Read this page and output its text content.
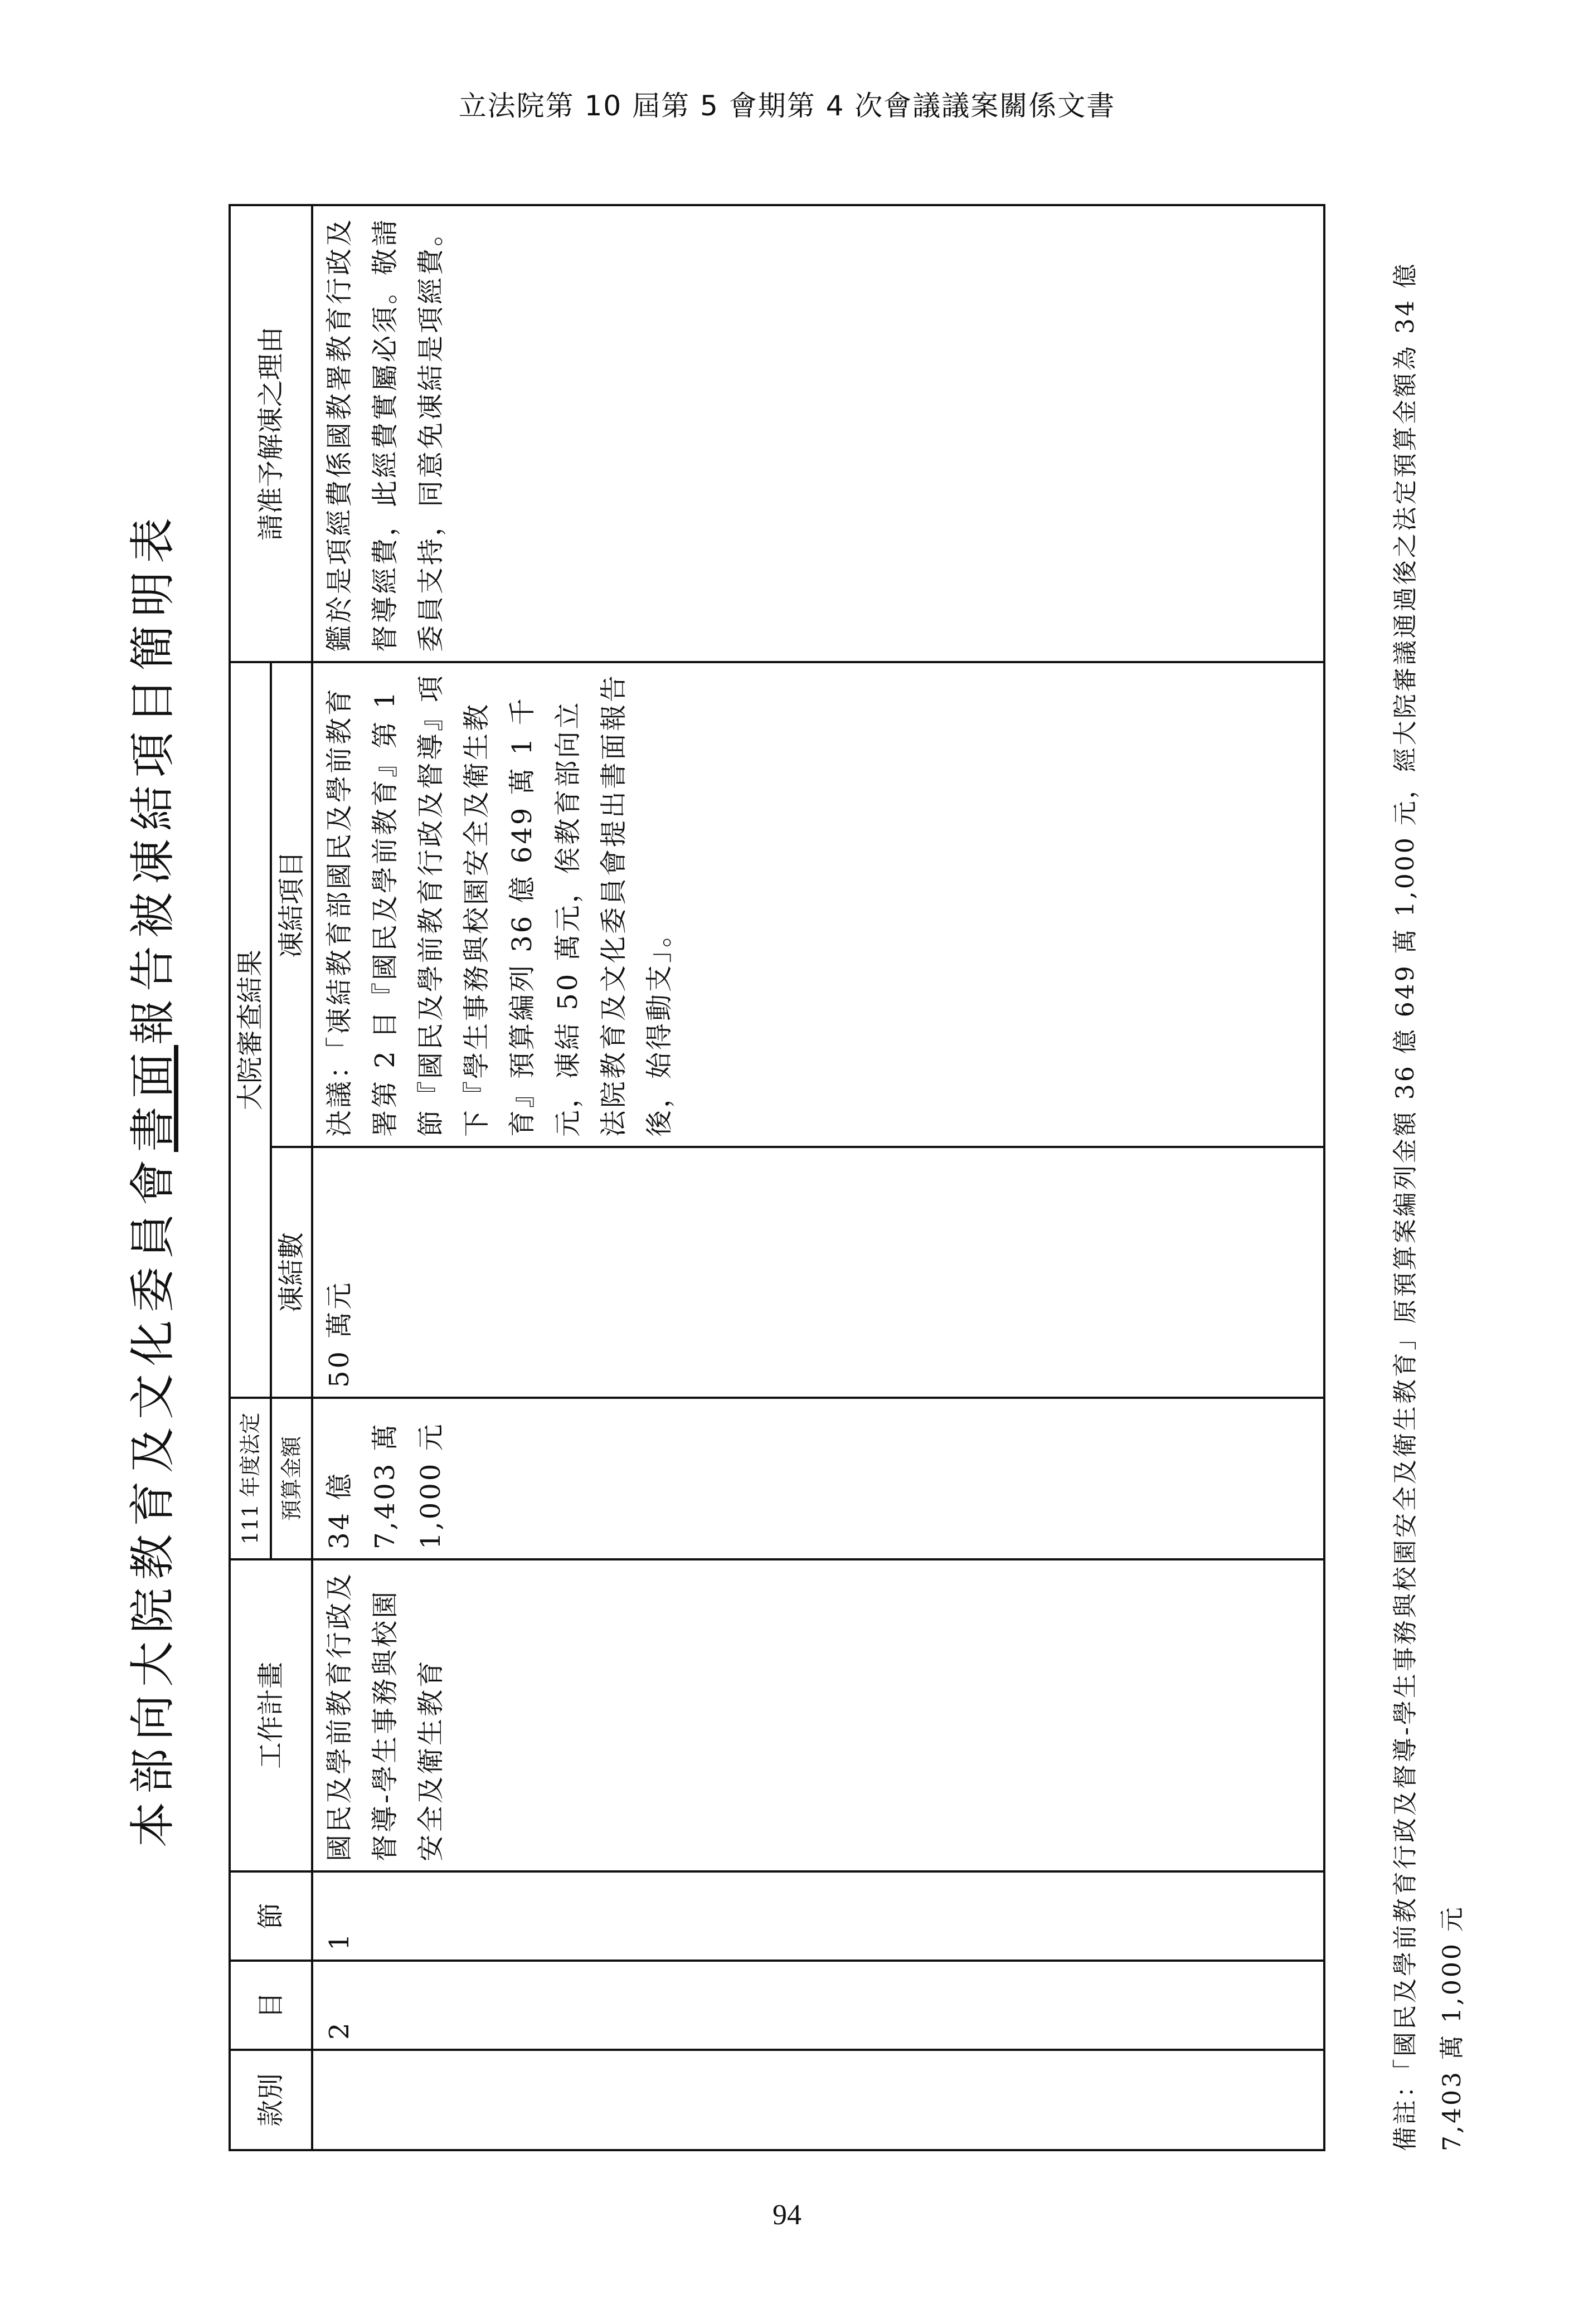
立法院第 10 屆第 5 會期第 4 次會議議案關係文書
本部向大院教育及文化委員會書面報告被凍結項目簡明表
款別	目	節	工作計畫	111 年度法定	大院審查結果		請准予解凍之理由
				預算金額	凍結數	凍結項目	
	2	1	國民及學前教育行政及督導-學生事務與校園安全及衛生教育	34 億 7,403 萬 1,000 元	50 萬元	決議：「凍結教育部國民及學前教育署第 2 目『國民及學前教育』第 1 節『國民及學前教育行政及督導』項下『學生事務與校園安全及衛生教育』預算編列 36 億 649 萬 1 千元，凍結 50 萬元，俟教育部向立法院教育及文化委員會提出書面報告後，始得動支」。	鑑於是項經費係國教署教育行政及督導經費，此經費實屬必須。敬請委員支持，同意免凍結是項經費。	備註：「國民及學前教育行政及督導-學生事務與校園安全及衛生教育」原預算案編列金額 36 億 649 萬 1,000 元，經大院審議通過後之法定預算金額為 34 億 7,403 萬 1,000 元
94
